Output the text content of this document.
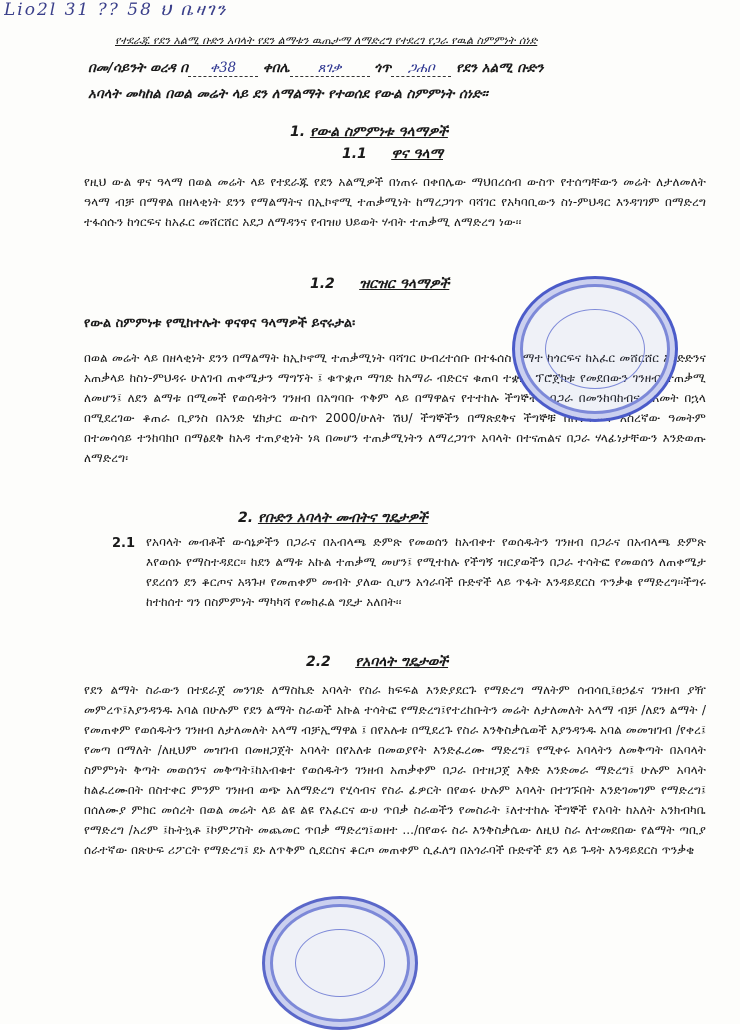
Lio2l 31 ?? 58 ህ ቤዛገን
የተደራጁ የደን አልሚ ቡድን አባላት የደን ልማቱን ዉጤታማ ለማድረግ የተደረገ የጋራ የዉል ስምምነት ሰነድ
በመ/ሳይንት ወረዳ በ ቀ38 ቀበሌ ጸገቃ ጎጥ ጋሐቦ የደን አልሚ ቡድን
አባላት መካከል በወል መሬት ላይ ደን ለማልማት የተወሰደ የውል ስምምነት ሰነድ፡፡
1. የውል ስምምነቱ ዓላማዎች
1.1 ዋና ዓላማ
የዚህ ውል ዋና ዓላማ በወል መሬት ላይ የተደራጁ የደን አልሚዎች በነጠሩ በቀበሌው ማህበረሰብ ውስጥ የተሰጣቸውን መሬት ለታለመለት ዓላማ ብቻ በማዋል በዘላቂነት ደንን የማልማትና በኢኮኖሚ ተጠቃሚነት ከማረጋገጥ ባሻገር የአካባቢውን ስነ-ምህዳር እንዳገገም በማድረግ ተፋሰሱን ከጎርፍና ከአፈር መሸርሸር አደጋ ለማዳንና የብዝሀ ህይወት ሃብት ተጠቃሚ ለማድረግ ነው፡፡
1.2 ዝርዝር ዓላማዎች
የውል ስምምነቱ የሚከተሉት ዋናዋና ዓላማዎች ይኖሩታል፡
በወል መሬት ላይ በዘላቂነት ደንን በማልማት ከኢኮኖሚ ተጠቃሚነት ባሻገር ሁብረተሰቡ በተፋሰስ ስማተ ከጎርፍና ከአፈር መሸርሸር እንድድንና አጠቃላይ ከስነ-ምህዳሩ ሁለገብ ጠቀሜታን ማግኘት ፤ ቁጥቋጦ ማገድ ከአማራ ብድርና ቁጠባ ተቋም ፕሮጀክቱ የመደበውን ገንዘብ ተጠቃሚ ለመሆን፤ ለደን ልማቱ በሚመች የወሰዳትን ገንዘብ በአግባቡ ጥቅም ላይ በማዋልና የተተከሉ ችግኞችን በጋራ በመንከባከብና ከአመት በኋላ በሚደረገው ቆጠራ ቢያንስ በአንድ ሄክታር ውስጥ 2000/ሁለት ሽህ/ ችግኞችን በማጽደቅና ችግኞቹ በስተኛውና አስረኛው ዓመትም በተመሳሳይ ተንከባክቦ በማፅደቅ ከአዳ ተጠያቂነት ነጻ በመሆን ተጠቃሚነትን ለማረጋገጥ አባላት በተናጠልና በጋራ ሃላፊነታቸውን እንድወጡ ለማድረግ፡
2. የቡድን አባላት መብትና ግዴታዎች
2.1 የአባላት መብቶች ውሳኔዎችን በጋራና በአብላጫ ድምጽ የመወሰን ከአብቀተ የወሰዱትን ገንዘብ በጋራና በአብላጫ ድምጽ እየወሰኑ የማስተዳደር፡፡ ከደን ልማቱ አኩል ተጠቃሚ መሆን፤ የሚተከሉ የችግኝ ዝርያወችን በጋራ ተሳትፎ የመወሰን ለጠቀሜታ የደረሰን ደን ቆርጦና አጓጉዞ የመጠቀም መብት ያለው ሲሆን አጎራባች ቡድኖች ላይ ጥፋት እንዳይደርስ ጥንቃቁ የማድረግ፡፡ችግሩ ከተከሰተ ግን በስምምነት ማካካሻ የመክፈል ግዴታ አለበት፡፡
2.2 የአባላት ግዴታወች
የደን ልማት ስራውን በተደራጀ መንገድ ለማስኬድ አባላት የስራ ክፍፍል እንድያደርጉ የማድረግ ማለትም ሰብሳቢ፤ፀኃፊና ገንዘብ ያዥ መምረጥ፤እያንዳንዱ አባል በሁሉም የደን ልማት ስራወች አኩል ተሳትፎ የማድረግ፤የተረከቡትን መሬት ለታለመለት አላማ ብቻ /ለደን ልማት /የመጠቀም የወሰዱትን ገንዘብ ለታለመለት አላማ ብቻኢማዋል ፤ በየአሉቱ በሚደረጉ የስራ እንቅስቃሴወች እያንዳንዱ አባል መመዝገብ /የቀረ፤ የመጣ በማለት /ለዚህም መዝገብ በመዘጋጀት አባላት በየአለቱ በመወያየት እንድፈረሙ ማድረግ፤ የሚቀሩ አባላትን ለመቅጣት በአባላት ስምምነት ቅጣት መወሰንና መቅጣት፤ከአብቁተ የወሰዱትን ገንዘብ አጠቃቀም በጋራ በተዘጋጀ እቅድ እንድመራ ማድረግ፤ ሁሉም አባላት ከልፈረሙበት በስተቀር ምንም ገንዘብ ወጭ አለማድረግ የሂሳብና የስራ ፊዎርት በየወሩ ሁሉም አባላት በተገኙበት እንድገመገም የማድረግ፤ በሰለሙያ ምክር መሰረት በወል መሬት ላይ ልዩ ልዩ የአፈርና ውሀ ጥበቃ ስራወችን የመስራት ፤ለተተከሉ ችግኞች የአባት ከአለት አንክብካቤ የማድረግ /አረም ፤ኩትኳቶ ፤ኮምፖስት መጨመር ጥበቃ ማድረግ፤ወዘተ .../በየወሩ ስራ እንቅስቃሴው ለዚህ ስራ ለተመደበው የልማት ጣቢያ ሰራተኛው በጽሁፍ ሪፖርት የማድረግ፤ ደኑ ለጥቅም ሲደርስና ቆርጦ መጠቀም ሲፈለግ በአጎራባች ቡድኖች ደን ላይ ጉዳት እንዳይደርስ ጥንቃቄ
